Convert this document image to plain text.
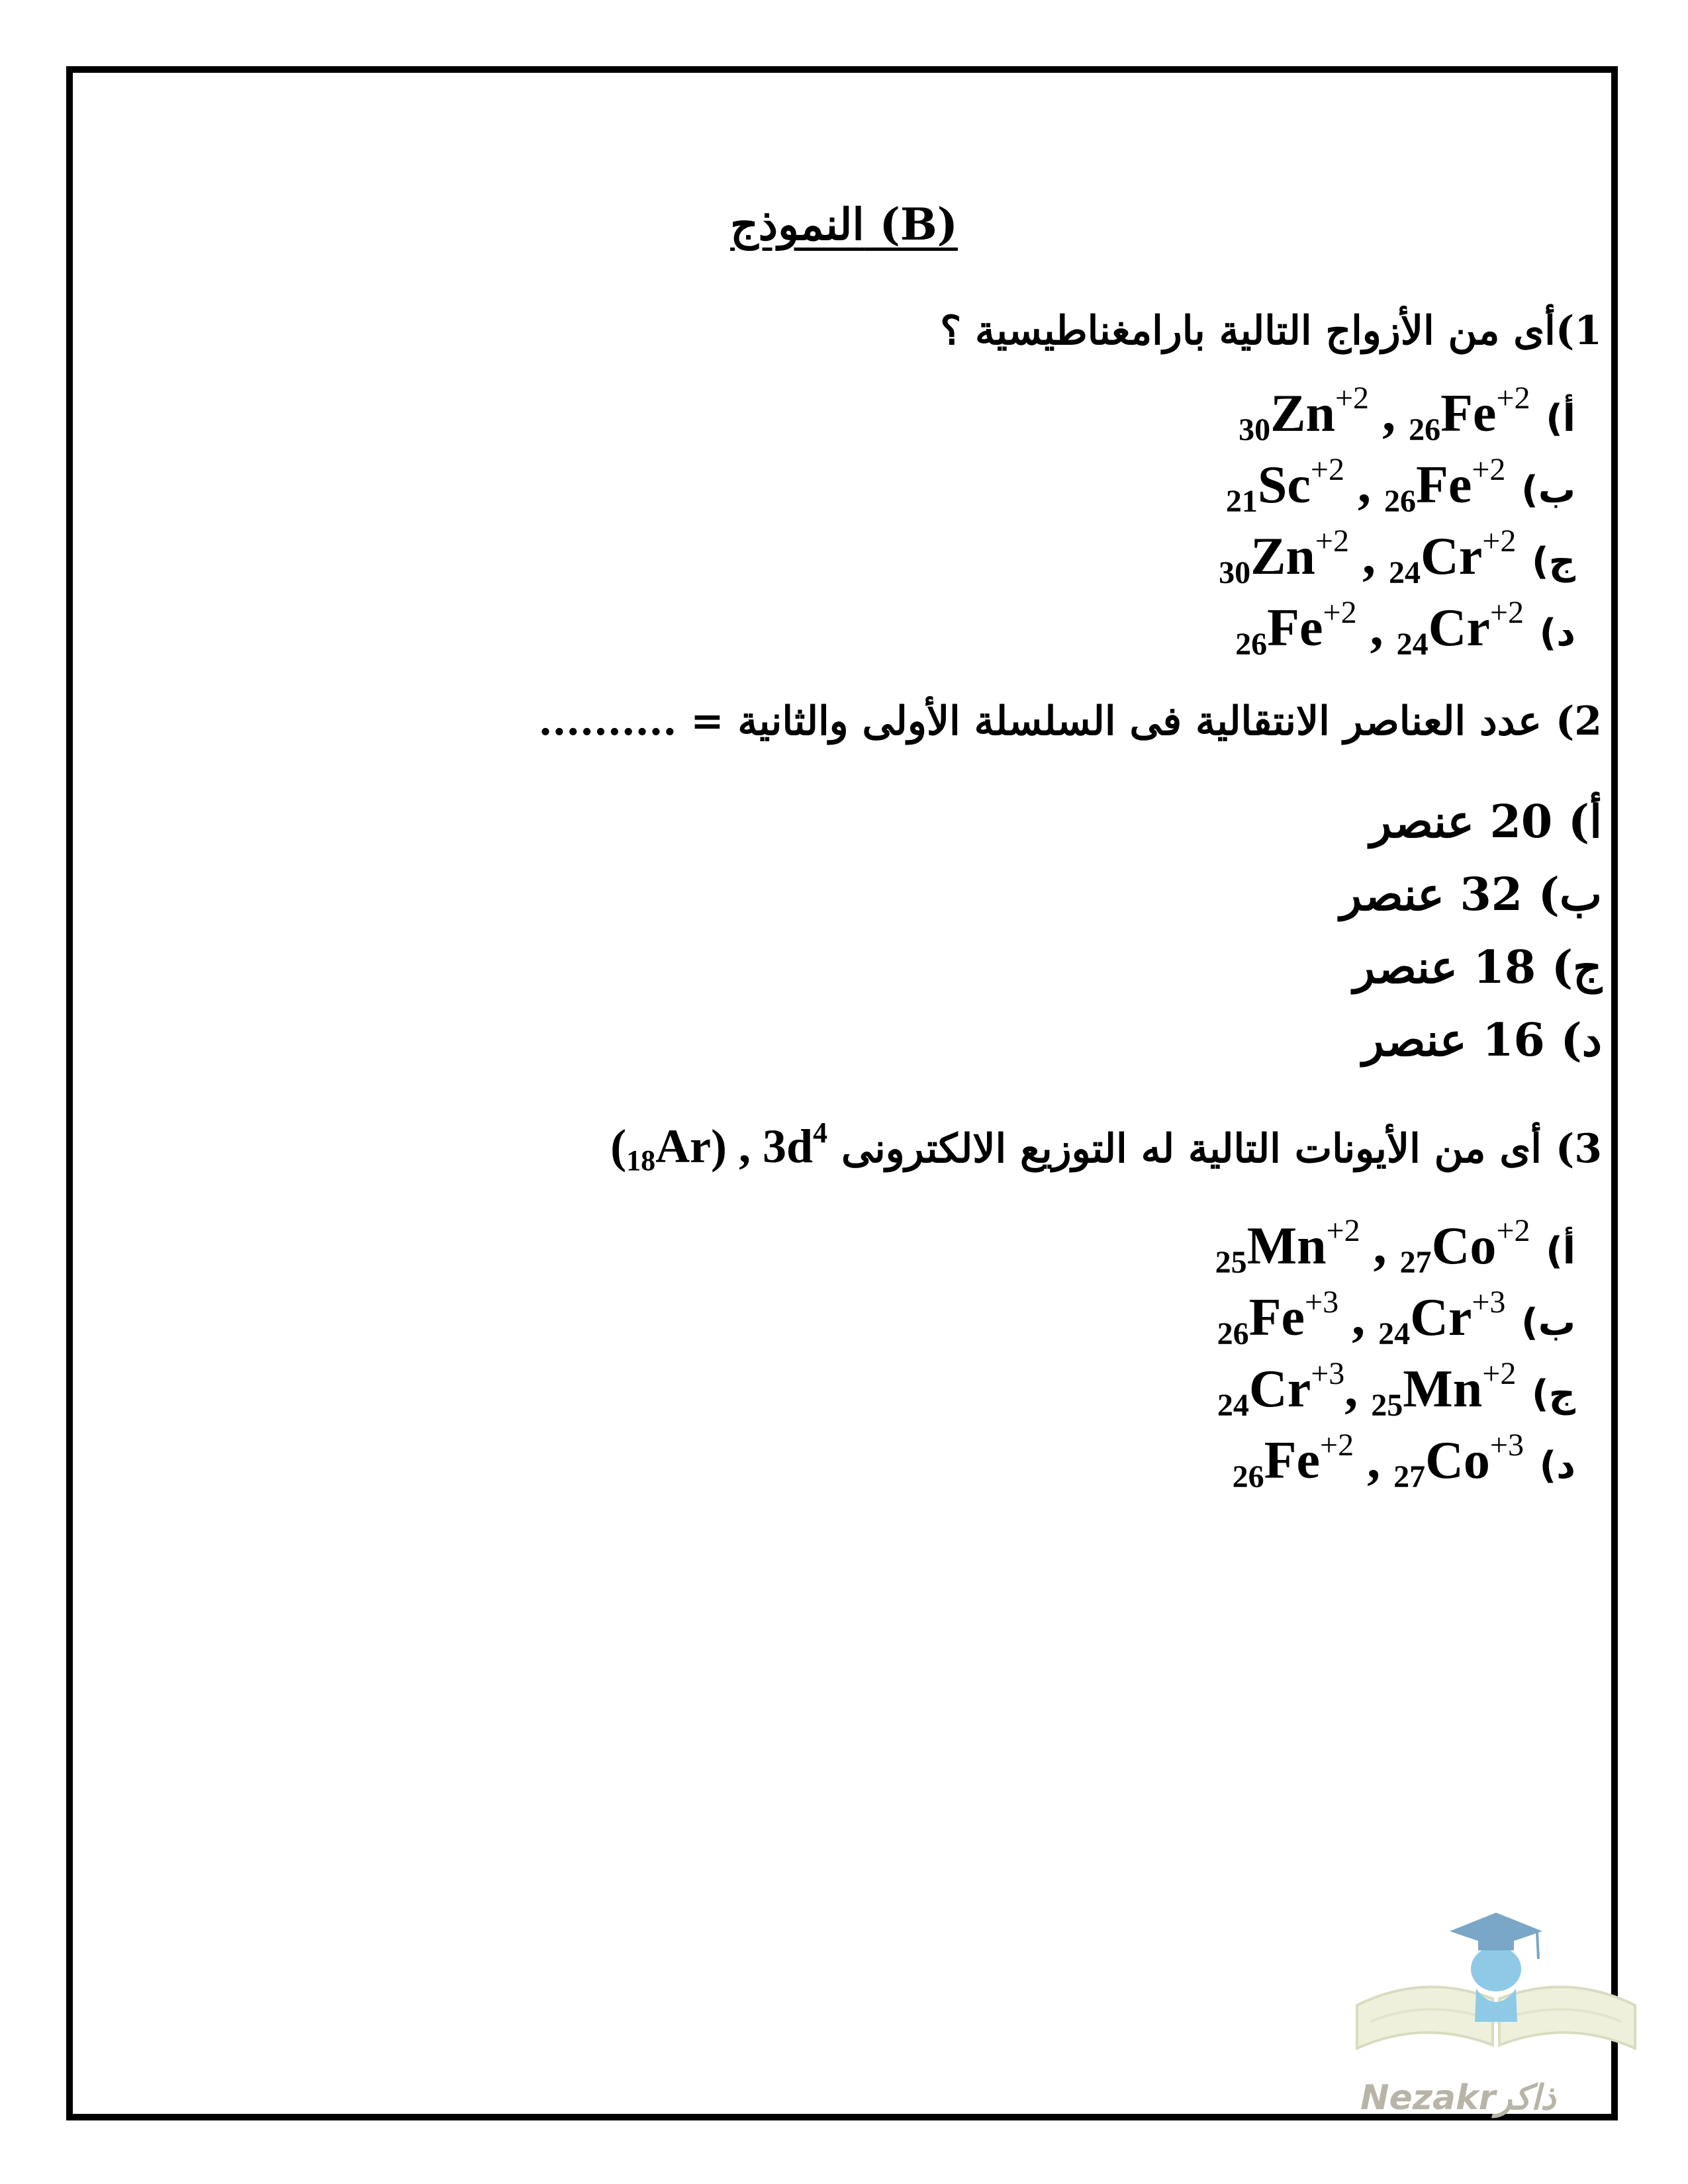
النموذج (B)
1)أى من الأزواج التالية بارامغناطيسية ؟
أ) $_{30}Zn^{+2}$ , $_{26}Fe^{+2}$
ب) $_{21}Sc^{+2}$ , $_{26}Fe^{+2}$
ج) $_{30}Zn^{+2}$ , $_{24}Cr^{+2}$
د) $_{26}Fe^{+2}$ , $_{24}Cr^{+2}$
2) عدد العناصر الانتقالية فى السلسلة الأولى والثانية = ..........
أ) 20 عنصر
ب) 32 عنصر
ج) 18 عنصر
د) 16 عنصر
3) أى من الأيونات التالية له التوزيع الالكترونى $(_{18}Ar)$ , $3d^4$
أ) $_{25}Mn^{+2}$ , $_{27}Co^{+2}$
ب) $_{26}Fe^{+3}$ , $_{24}Cr^{+3}$
ج) $_{24}Cr^{+3}$, $_{25}Mn^{+2}$
د) $_{26}Fe^{+2}$ , $_{27}Co^{+3}$
Nezakrذاكر
